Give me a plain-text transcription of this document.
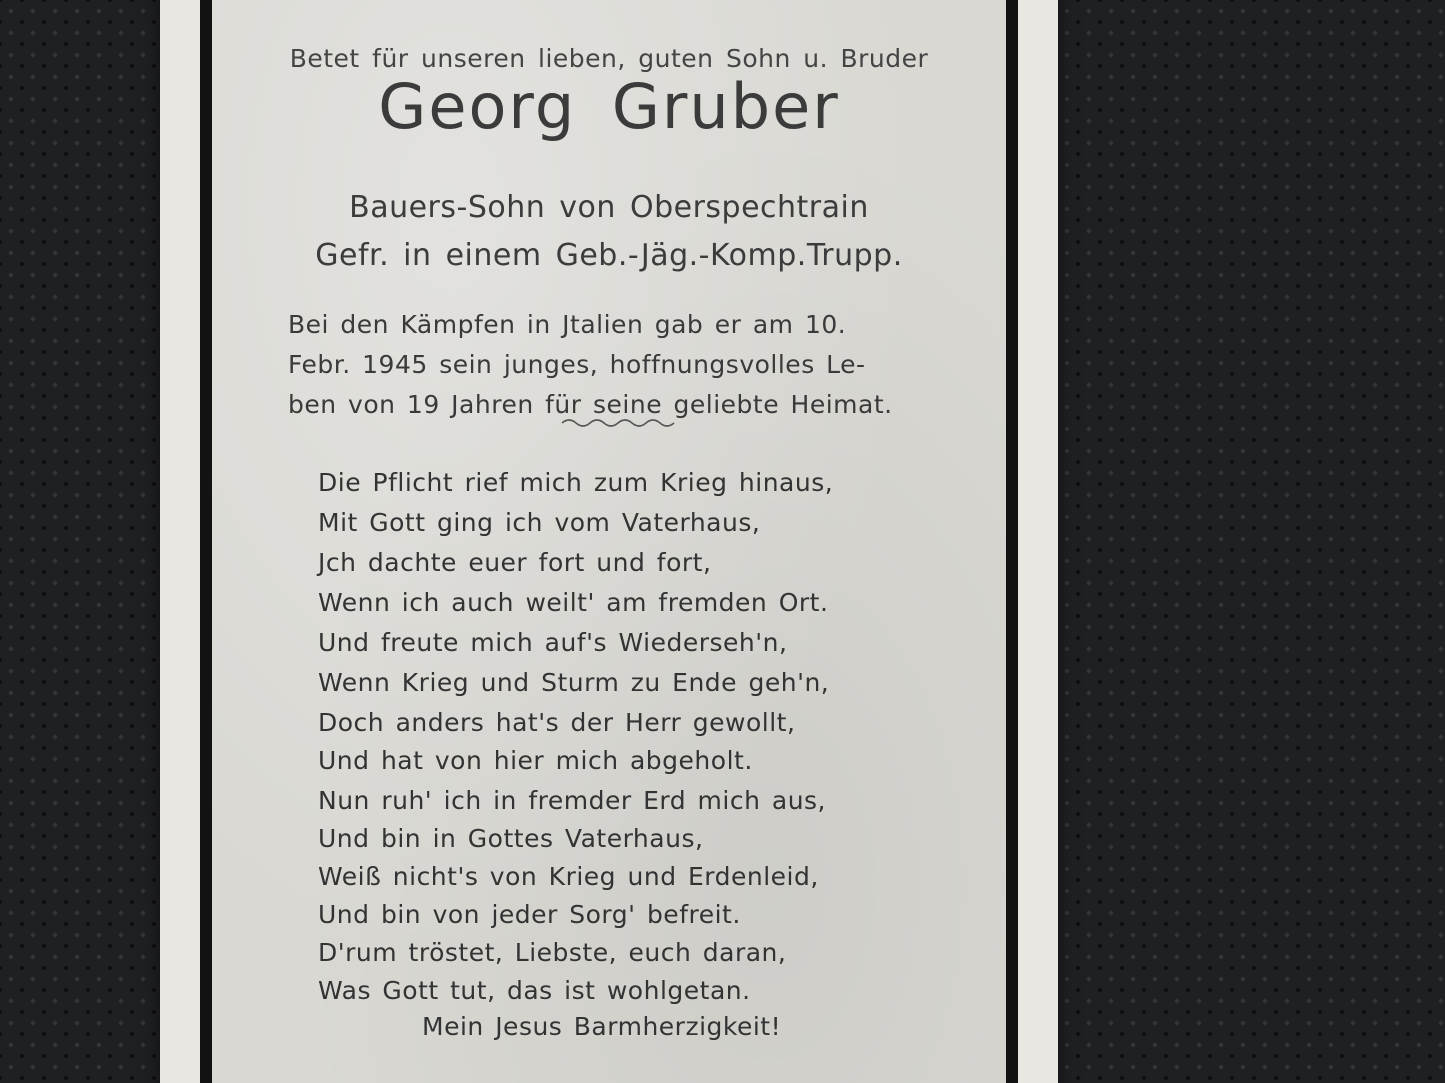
Betet für unseren lieben, guten Sohn u. Bruder
Georg Gruber
Bauers-Sohn von Oberspechtrain
Gefr. in einem Geb.-Jäg.-Komp.Trupp.
Bei den Kämpfen in Jtalien gab er am 10.
Febr. 1945 sein junges, hoffnungsvolles Le-
ben von 19 Jahren für seine geliebte Heimat.
Die Pflicht rief mich zum Krieg hinaus,
Mit Gott ging ich vom Vaterhaus,
Jch dachte euer fort und fort,
Wenn ich auch weilt' am fremden Ort.
Und freute mich auf's Wiederseh'n,
Wenn Krieg und Sturm zu Ende geh'n,
Doch anders hat's der Herr gewollt,
Und hat von hier mich abgeholt.
Nun ruh' ich in fremder Erd mich aus,
Und bin in Gottes Vaterhaus,
Weiß nicht's von Krieg und Erdenleid,
Und bin von jeder Sorg' befreit.
D'rum tröstet, Liebste, euch daran,
Was Gott tut, das ist wohlgetan.
Mein Jesus Barmherzigkeit!
